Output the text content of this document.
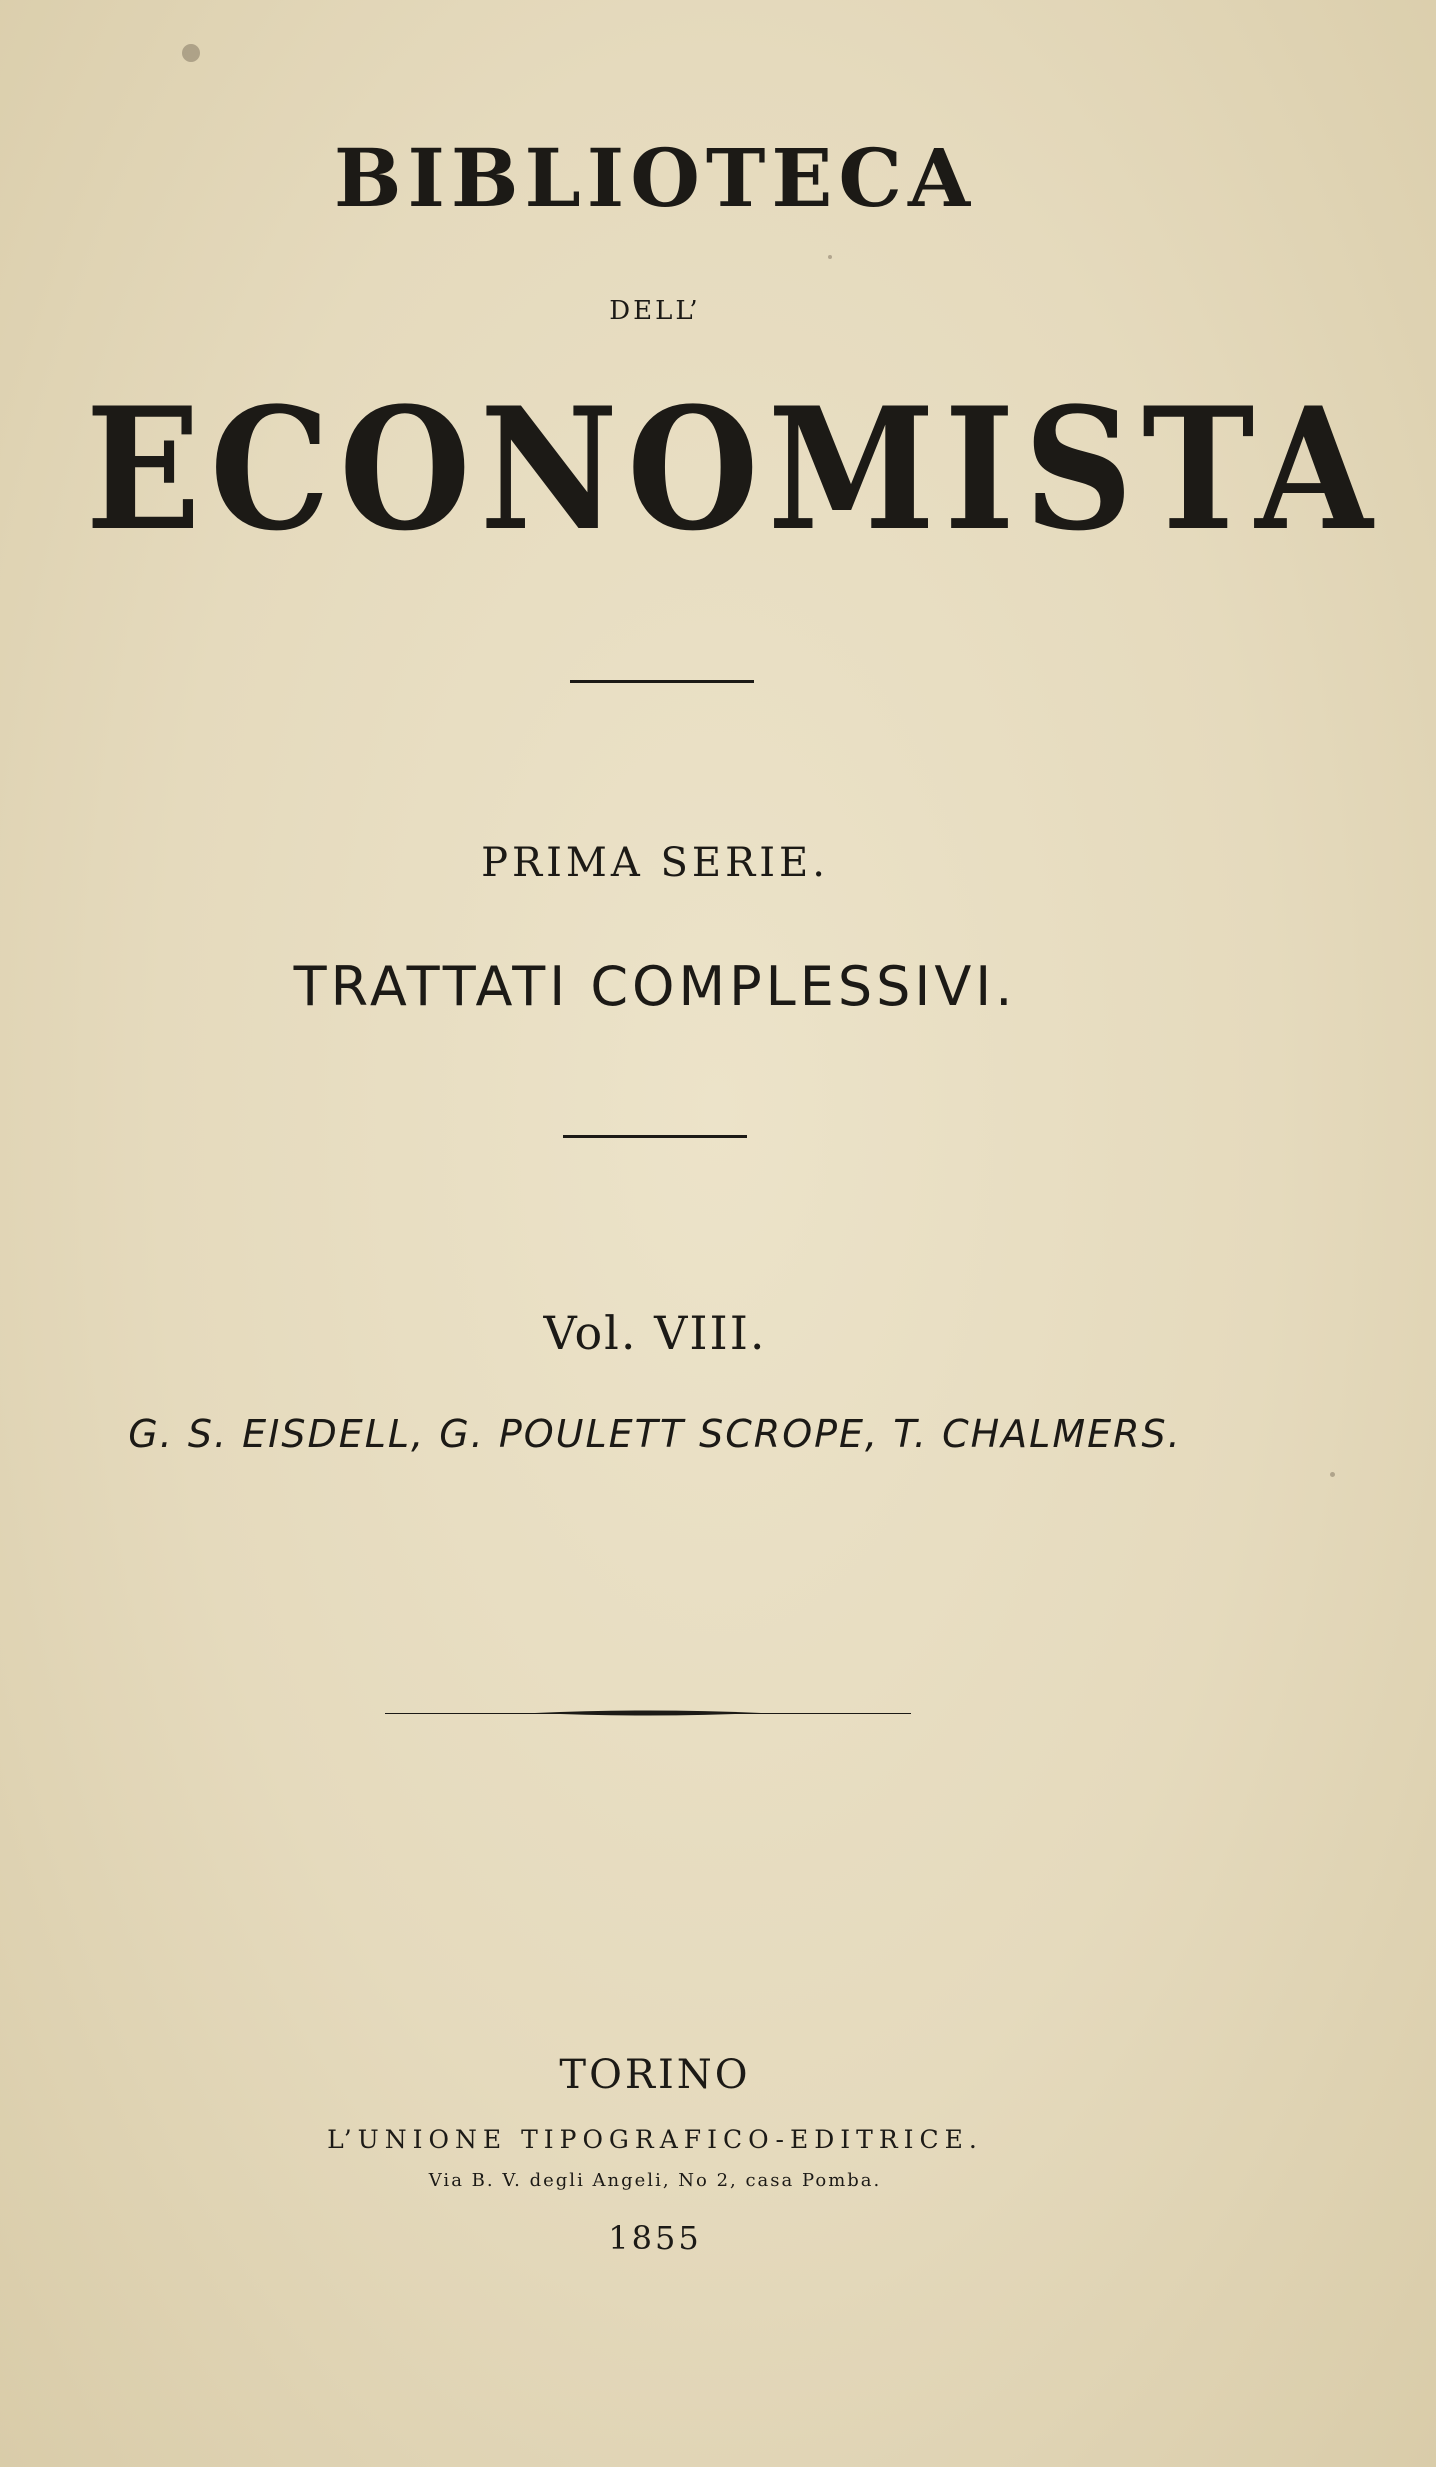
BIBLIOTECA
DELL’
ECONOMISTA
PRIMA SERIE.
TRATTATI COMPLESSIVI.
Vol. VIII.
G. S. EISDELL, G. POULETT SCROPE, T. CHALMERS.
TORINO
L’UNIONE TIPOGRAFICO-EDITRICE.
Via B. V. degli Angeli, No 2, casa Pomba.
1855
